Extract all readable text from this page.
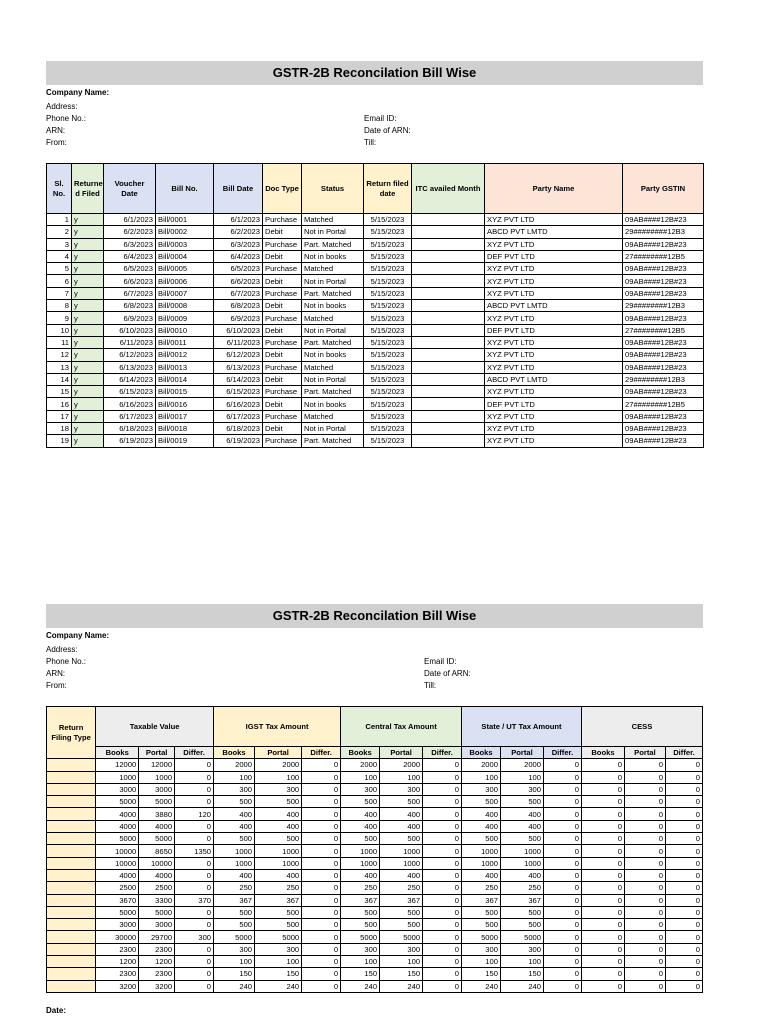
GSTR-2B Reconcilation Bill Wise
Company Name:
Address:
Phone No.:
ARN:
From:
Email ID:
Date of ARN:
Till:
Sl. No.	Returne d Filed	Voucher Date	Bill No.	Bill Date	Doc Type	Status	Return filed date	ITC availed Month	Party Name	Party GSTIN
1	y	6/1/2023	Bill/0001	6/1/2023	Purchase	Matched	5/15/2023		XYZ PVT LTD	09AB####12B#23
2	y	6/2/2023	Bill/0002	6/2/2023	Debit	Not in Portal	5/15/2023		ABCD PVT LMTD	29########12B3
3	y	6/3/2023	Bill/0003	6/3/2023	Purchase	Part. Matched	5/15/2023		XYZ PVT LTD	09AB####12B#23
4	y	6/4/2023	Bill/0004	6/4/2023	Debit	Not in books	5/15/2023		DEF PVT LTD	27########12B5
5	y	6/5/2023	Bill/0005	6/5/2023	Purchase	Matched	5/15/2023		XYZ PVT LTD	09AB####12B#23
6	y	6/6/2023	Bill/0006	6/6/2023	Debit	Not in Portal	5/15/2023		XYZ PVT LTD	09AB####12B#23
7	y	6/7/2023	Bill/0007	6/7/2023	Purchase	Part. Matched	5/15/2023		XYZ PVT LTD	09AB####12B#23
8	y	6/8/2023	Bill/0008	6/8/2023	Debit	Not in books	5/15/2023		ABCD PVT LMTD	29########12B3
9	y	6/9/2023	Bill/0009	6/9/2023	Purchase	Matched	5/15/2023		XYZ PVT LTD	09AB####12B#23
10	y	6/10/2023	Bill/0010	6/10/2023	Debit	Not in Portal	5/15/2023		DEF PVT LTD	27########12B5
11	y	6/11/2023	Bill/0011	6/11/2023	Purchase	Part. Matched	5/15/2023		XYZ PVT LTD	09AB####12B#23
12	y	6/12/2023	Bill/0012	6/12/2023	Debit	Not in books	5/15/2023		XYZ PVT LTD	09AB####12B#23
13	y	6/13/2023	Bill/0013	6/13/2023	Purchase	Matched	5/15/2023		XYZ PVT LTD	09AB####12B#23
14	y	6/14/2023	Bill/0014	6/14/2023	Debit	Not in Portal	5/15/2023		ABCD PVT LMTD	29########12B3
15	y	6/15/2023	Bill/0015	6/15/2023	Purchase	Part. Matched	5/15/2023		XYZ PVT LTD	09AB####12B#23
16	y	6/16/2023	Bill/0016	6/16/2023	Debit	Not in books	5/15/2023		DEF PVT LTD	27########12B5
17	y	6/17/2023	Bill/0017	6/17/2023	Purchase	Matched	5/15/2023		XYZ PVT LTD	09AB####12B#23
18	y	6/18/2023	Bill/0018	6/18/2023	Debit	Not in Portal	5/15/2023		XYZ PVT LTD	09AB####12B#23
19	y	6/19/2023	Bill/0019	6/19/2023	Purchase	Part. Matched	5/15/2023		XYZ PVT LTD	09AB####12B#23
GSTR-2B Reconcilation Bill Wise
Company Name:
Address:
Phone No.:
ARN:
From:
Email ID:
Date of ARN:
Till:
Return Filing Type	Taxable Value			IGST Tax Amount			Central Tax Amount			State / UT Tax Amount			CESS		
	Books	Portal	Differ.	Books	Portal	Differ.	Books	Portal	Differ.	Books	Portal	Differ.	Books	Portal	Differ.
	12000	12000	0	2000	2000	0	2000	2000	0	2000	2000	0	0	0	0
	1000	1000	0	100	100	0	100	100	0	100	100	0	0	0	0
	3000	3000	0	300	300	0	300	300	0	300	300	0	0	0	0
	5000	5000	0	500	500	0	500	500	0	500	500	0	0	0	0
	4000	3880	120	400	400	0	400	400	0	400	400	0	0	0	0
	4000	4000	0	400	400	0	400	400	0	400	400	0	0	0	0
	5000	5000	0	500	500	0	500	500	0	500	500	0	0	0	0
	10000	8650	1350	1000	1000	0	1000	1000	0	1000	1000	0	0	0	0
	10000	10000	0	1000	1000	0	1000	1000	0	1000	1000	0	0	0	0
	4000	4000	0	400	400	0	400	400	0	400	400	0	0	0	0
	2500	2500	0	250	250	0	250	250	0	250	250	0	0	0	0
	3670	3300	370	367	367	0	367	367	0	367	367	0	0	0	0
	5000	5000	0	500	500	0	500	500	0	500	500	0	0	0	0
	3000	3000	0	500	500	0	500	500	0	500	500	0	0	0	0
	30000	29700	300	5000	5000	0	5000	5000	0	5000	5000	0	0	0	0
	2300	2300	0	300	300	0	300	300	0	300	300	0	0	0	0
	1200	1200	0	100	100	0	100	100	0	100	100	0	0	0	0
	2300	2300	0	150	150	0	150	150	0	150	150	0	0	0	0
	3200	3200	0	240	240	0	240	240	0	240	240	0	0	0	0
Date:
